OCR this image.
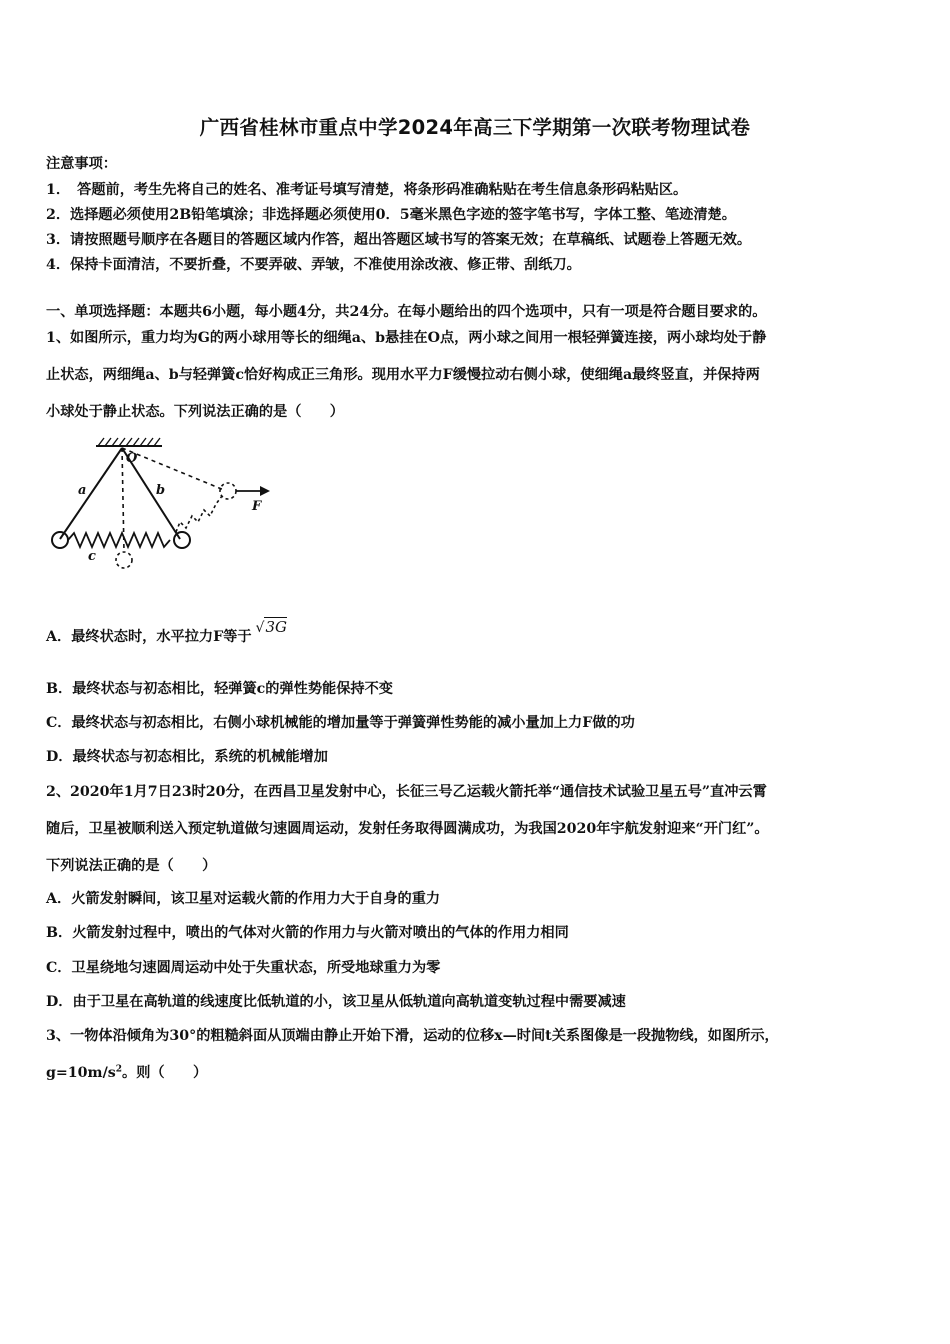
广西省桂林市重点中学2024年高三下学期第一次联考物理试卷
注意事项：
1．　答题前，考生先将自己的姓名、准考证号填写清楚，将条形码准确粘贴在考生信息条形码粘贴区。
2．选择题必须使用2B铅笔填涂；非选择题必须使用0．5毫米黑色字迹的签字笔书写，字体工整、笔迹清楚。
3．请按照题号顺序在各题目的答题区域内作答，超出答题区域书写的答案无效；在草稿纸、试题卷上答题无效。
4．保持卡面清洁，不要折叠，不要弄破、弄皱，不准使用涂改液、修正带、刮纸刀。
一、单项选择题：本题共6小题，每小题4分，共24分。在每小题给出的四个选项中，只有一项是符合题目要求的。
1、如图所示，重力均为G的两小球用等长的细绳a、b悬挂在O点，两小球之间用一根轻弹簧连接，两小球均处于静
止状态，两细绳a、b与轻弹簧c恰好构成正三角形。现用水平力F缓慢拉动右侧小球，使细绳a最终竖直，并保持两
小球处于静止状态。下列说法正确的是（　　）
O
a	b
c
F
A．最终状态时，水平拉力F等于√3G
B．最终状态与初态相比，轻弹簧c的弹性势能保持不变
C．最终状态与初态相比，右侧小球机械能的增加量等于弹簧弹性势能的减小量加上力F做的功
D．最终状态与初态相比，系统的机械能增加
2、2020年1月7日23时20分，在西昌卫星发射中心，长征三号乙运载火箭托举“通信技术试验卫星五号”直冲云霄
随后，卫星被顺利送入预定轨道做匀速圆周运动，发射任务取得圆满成功，为我国2020年宇航发射迎来“开门红”。
下列说法正确的是（　　）
A．火箭发射瞬间，该卫星对运载火箭的作用力大于自身的重力
B．火箭发射过程中，喷出的气体对火箭的作用力与火箭对喷出的气体的作用力相同
C．卫星绕地匀速圆周运动中处于失重状态，所受地球重力为零
D．由于卫星在高轨道的线速度比低轨道的小，该卫星从低轨道向高轨道变轨过程中需要减速
3、一物体沿倾角为30°的粗糙斜面从顶端由静止开始下滑，运动的位移x—时间t关系图像是一段抛物线，如图所示，
$g=10m/s^2$。则（　　）
